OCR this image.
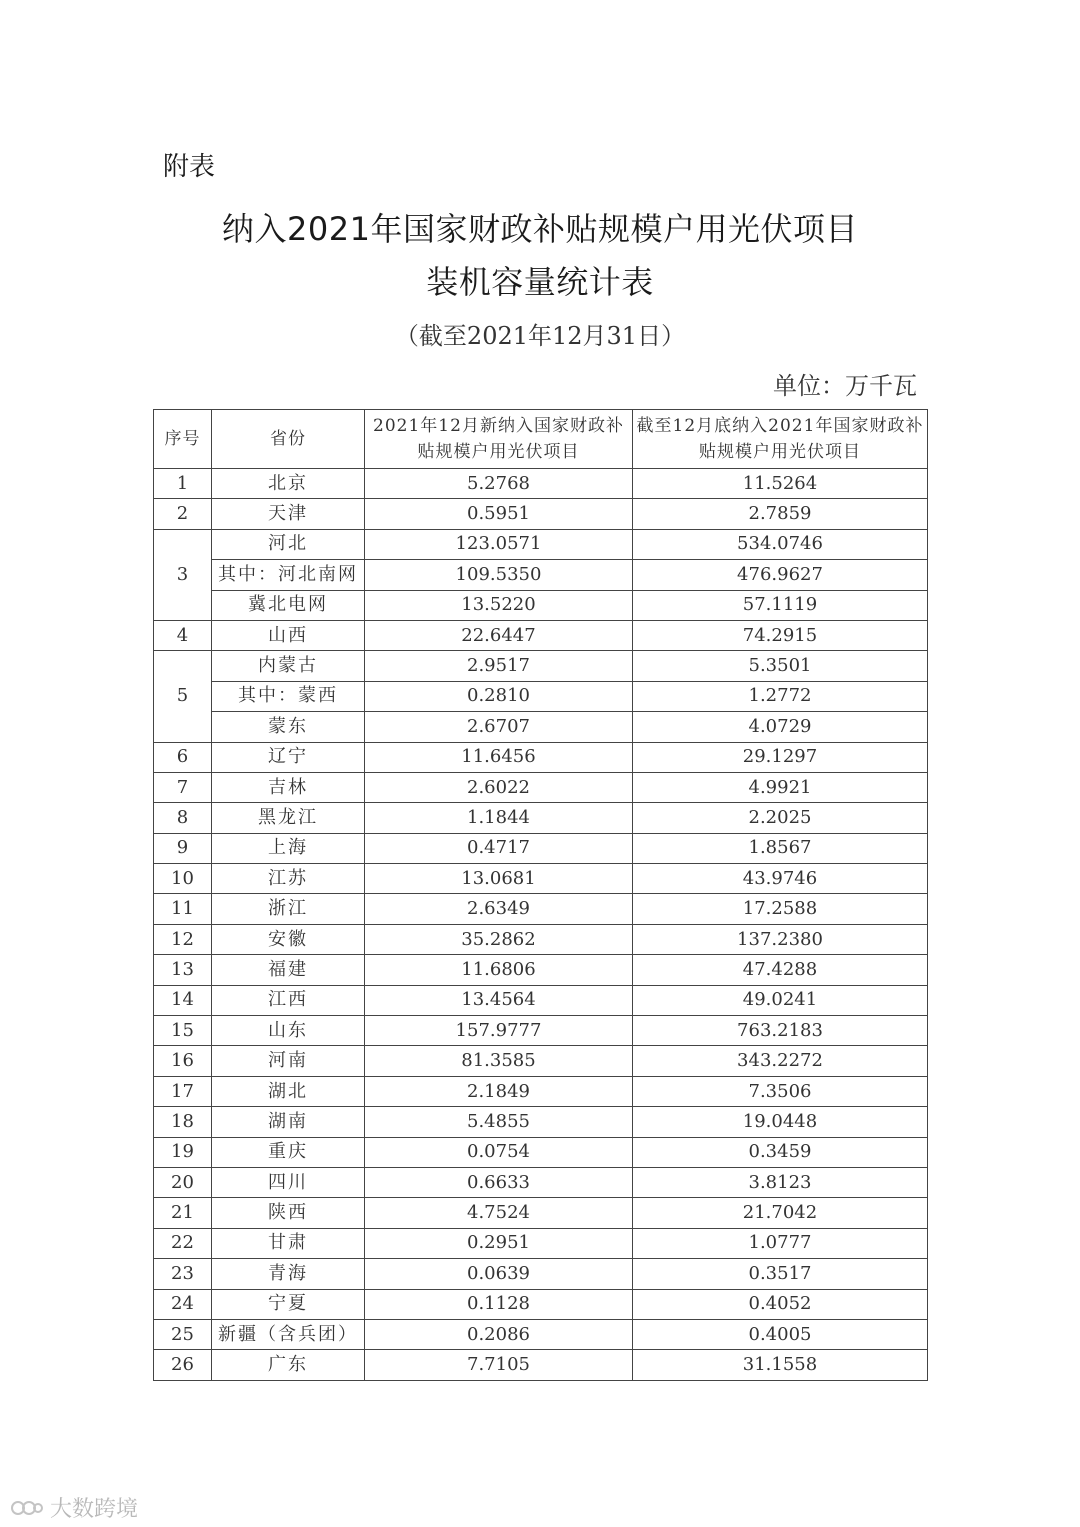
附表
纳入2021年国家财政补贴规模户用光伏项目
装机容量统计表
（截至2021年12月31日）
单位：万千瓦
序号	省份	2021年12月新纳入国家财政补贴规模户用光伏项目	截至12月底纳入2021年国家财政补贴规模户用光伏项目
1	北京	5.2768	11.5264
2	天津	0.5951	2.7859
3	河北	123.0571	534.0746
	其中：河北南网	109.5350	476.9627
	冀北电网	13.5220	57.1119
4	山西	22.6447	74.2915
5	内蒙古	2.9517	5.3501
	其中：蒙西	0.2810	1.2772
	蒙东	2.6707	4.0729
6	辽宁	11.6456	29.1297
7	吉林	2.6022	4.9921
8	黑龙江	1.1844	2.2025
9	上海	0.4717	1.8567
10	江苏	13.0681	43.9746
11	浙江	2.6349	17.2588
12	安徽	35.2862	137.2380
13	福建	11.6806	47.4288
14	江西	13.4564	49.0241
15	山东	157.9777	763.2183
16	河南	81.3585	343.2272
17	湖北	2.1849	7.3506
18	湖南	5.4855	19.0448
19	重庆	0.0754	0.3459
20	四川	0.6633	3.8123
21	陕西	4.7524	21.7042
22	甘肃	0.2951	1.0777
23	青海	0.0639	0.3517
24	宁夏	0.1128	0.4052
25	新疆（含兵团）	0.2086	0.4005
26	广东	7.7105	31.1558
大数跨境
